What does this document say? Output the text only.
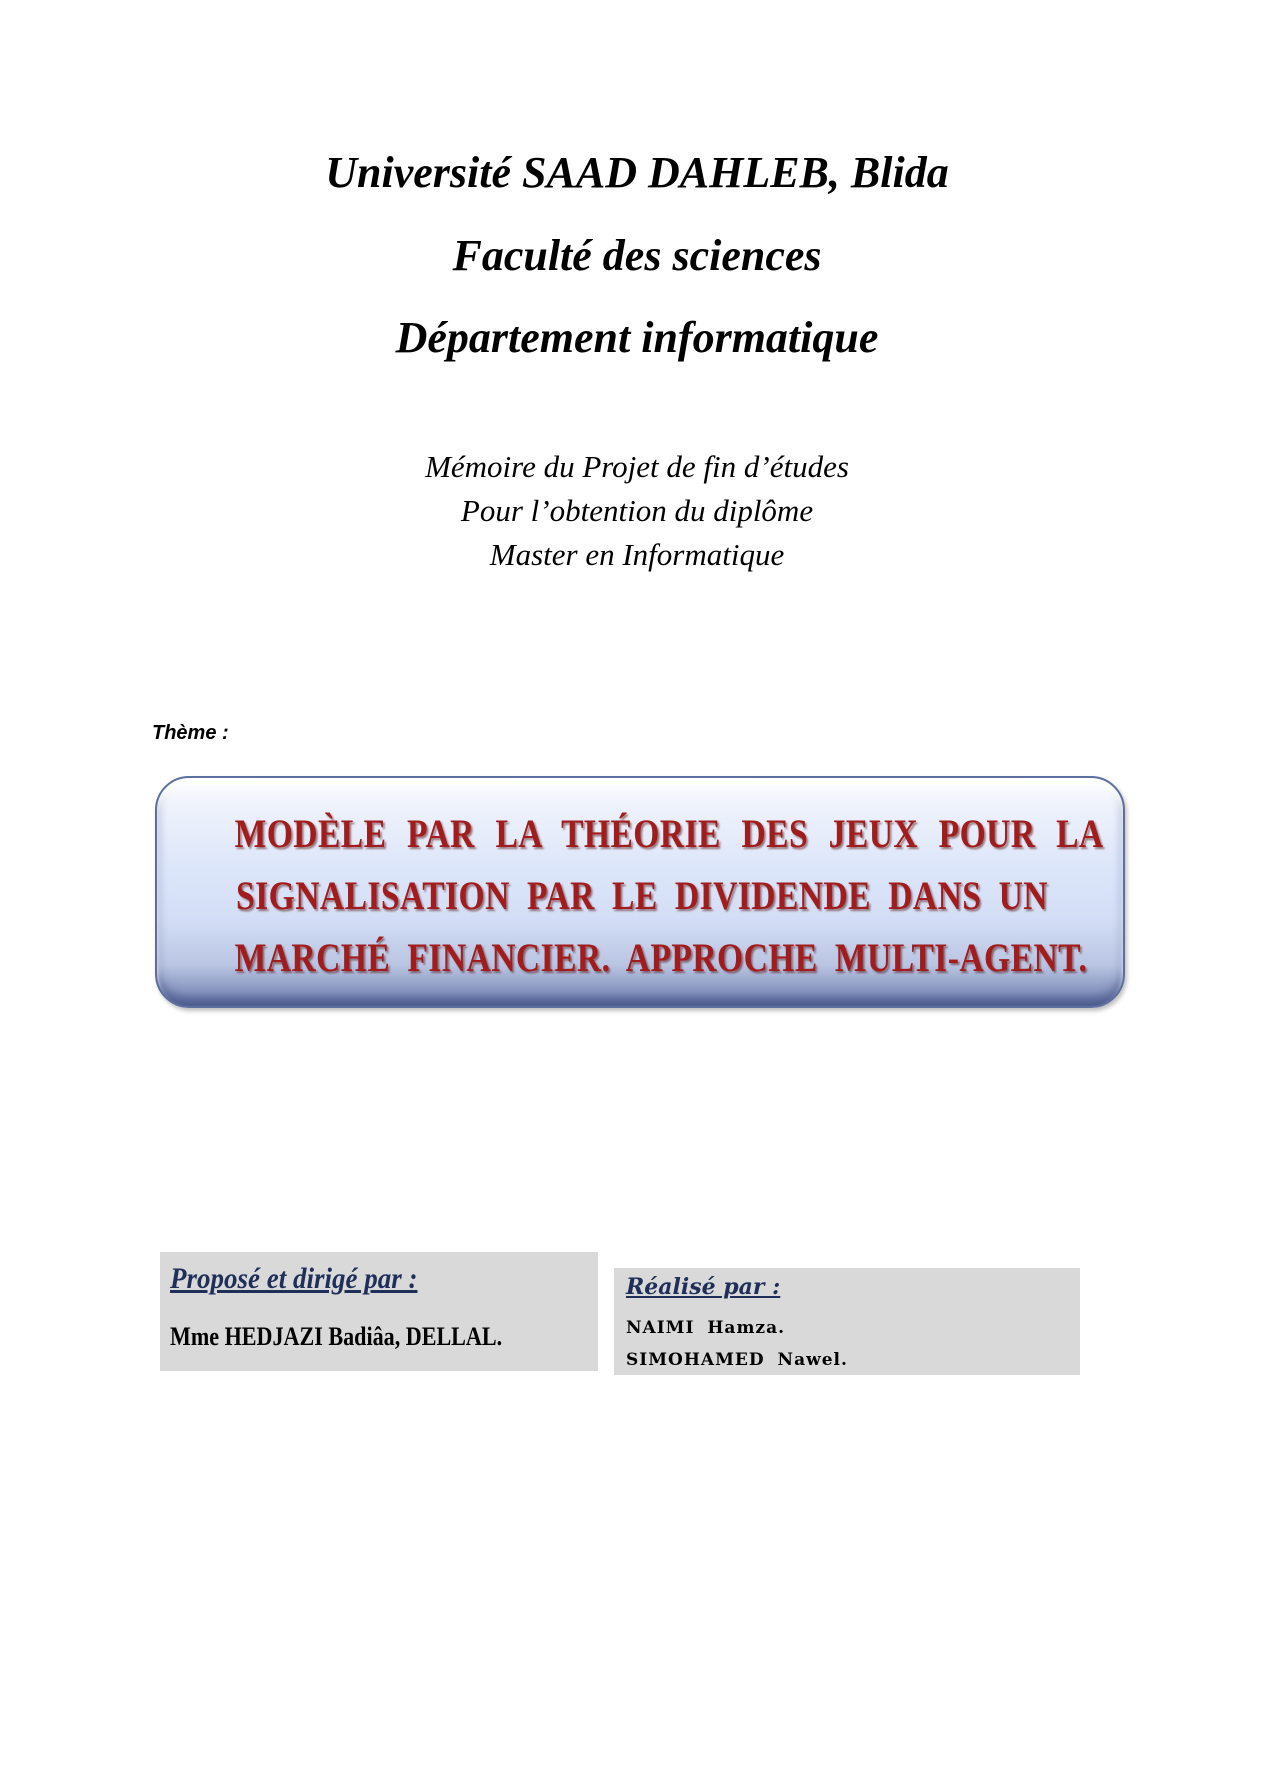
Université SAAD DAHLEB, Blida
Faculté des sciences
Département informatique
Mémoire du Projet de fin d’études
Pour l’obtention du diplôme
Master en Informatique
Thème :
MODÈLE PAR LA THÉORIE DES JEUX POUR LA
SIGNALISATION PAR LE DIVIDENDE DANS UN
MARCHÉ FINANCIER. APPROCHE MULTI-AGENT.
Proposé et dirigé par :
Mme HEDJAZI Badiâa, DELLAL.
Réalisé par :
NAIMI Hamza.
SIMOHAMED Nawel.
